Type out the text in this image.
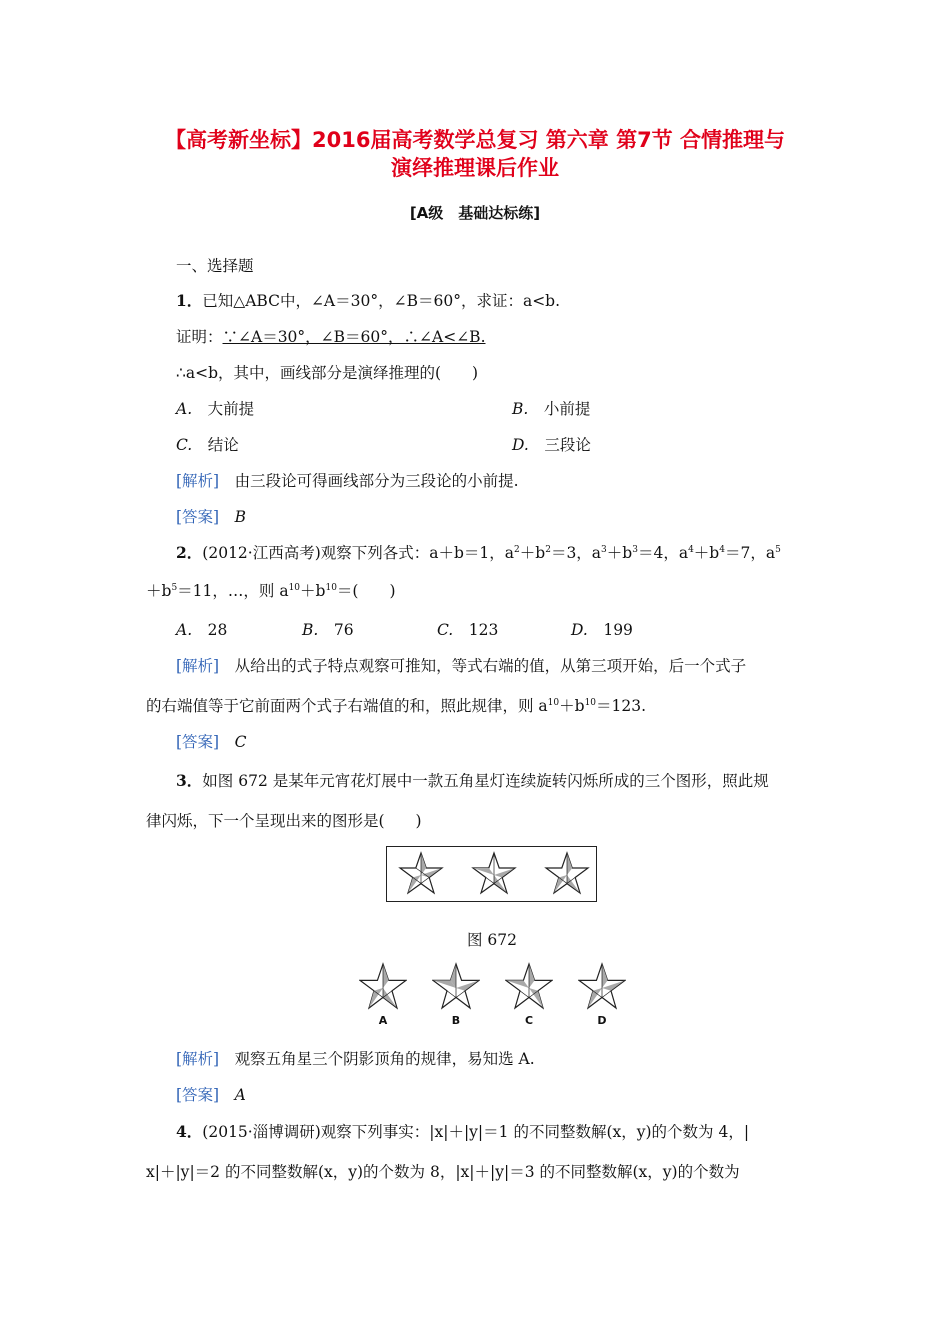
【高考新坐标】2016届高考数学总复习 第六章 第7节 合情推理与
演绎推理课后作业
[A级　基础达标练]
一、选择题
1．已知△ABC中，∠A＝30°，∠B＝60°，求证：a<b.
证明：∵∠A＝30°，∠B＝60°，∴∠A<∠B.
∴a<b，其中，画线部分是演绎推理的(　　)
A.　 大前提	B.　 小前提
C.　 结论	D.　 三段论
[解析]　 由三段论可得画线部分为三段论的小前提.
[答案]　 B
2．(2012·江西高考)观察下列各式：a＋b＝1，$a^2+b^2=3$，$a^3+b^3=4$，$a^4+b^4=7$，$a^5$
$+b^5=11$，…，则 $a^{10}+b^{10}=$(　　)
A.　 28	B.　 76	C.　 123	D.　 199
[解析]　 从给出的式子特点观察可推知，等式右端的值，从第三项开始，后一个式子
的右端值等于它前面两个式子右端值的和，照此规律，则 $a^{10}+b^{10}=123$.
[答案]　 C
3．如图 672 是某年元宵花灯展中一款五角星灯连续旋转闪烁所成的三个图形，照此规
律闪烁，下一个呈现出来的图形是(　　)
图 672
A	B	C	D
[解析]　 观察五角星三个阴影顶角的规律，易知选 A.
[答案]　 A
4．(2015·淄博调研)观察下列事实：|x|＋|y|＝1 的不同整数解(x，y)的个数为 4，|
x|＋|y|＝2 的不同整数解(x，y)的个数为 8，|x|＋|y|＝3 的不同整数解(x，y)的个数为
